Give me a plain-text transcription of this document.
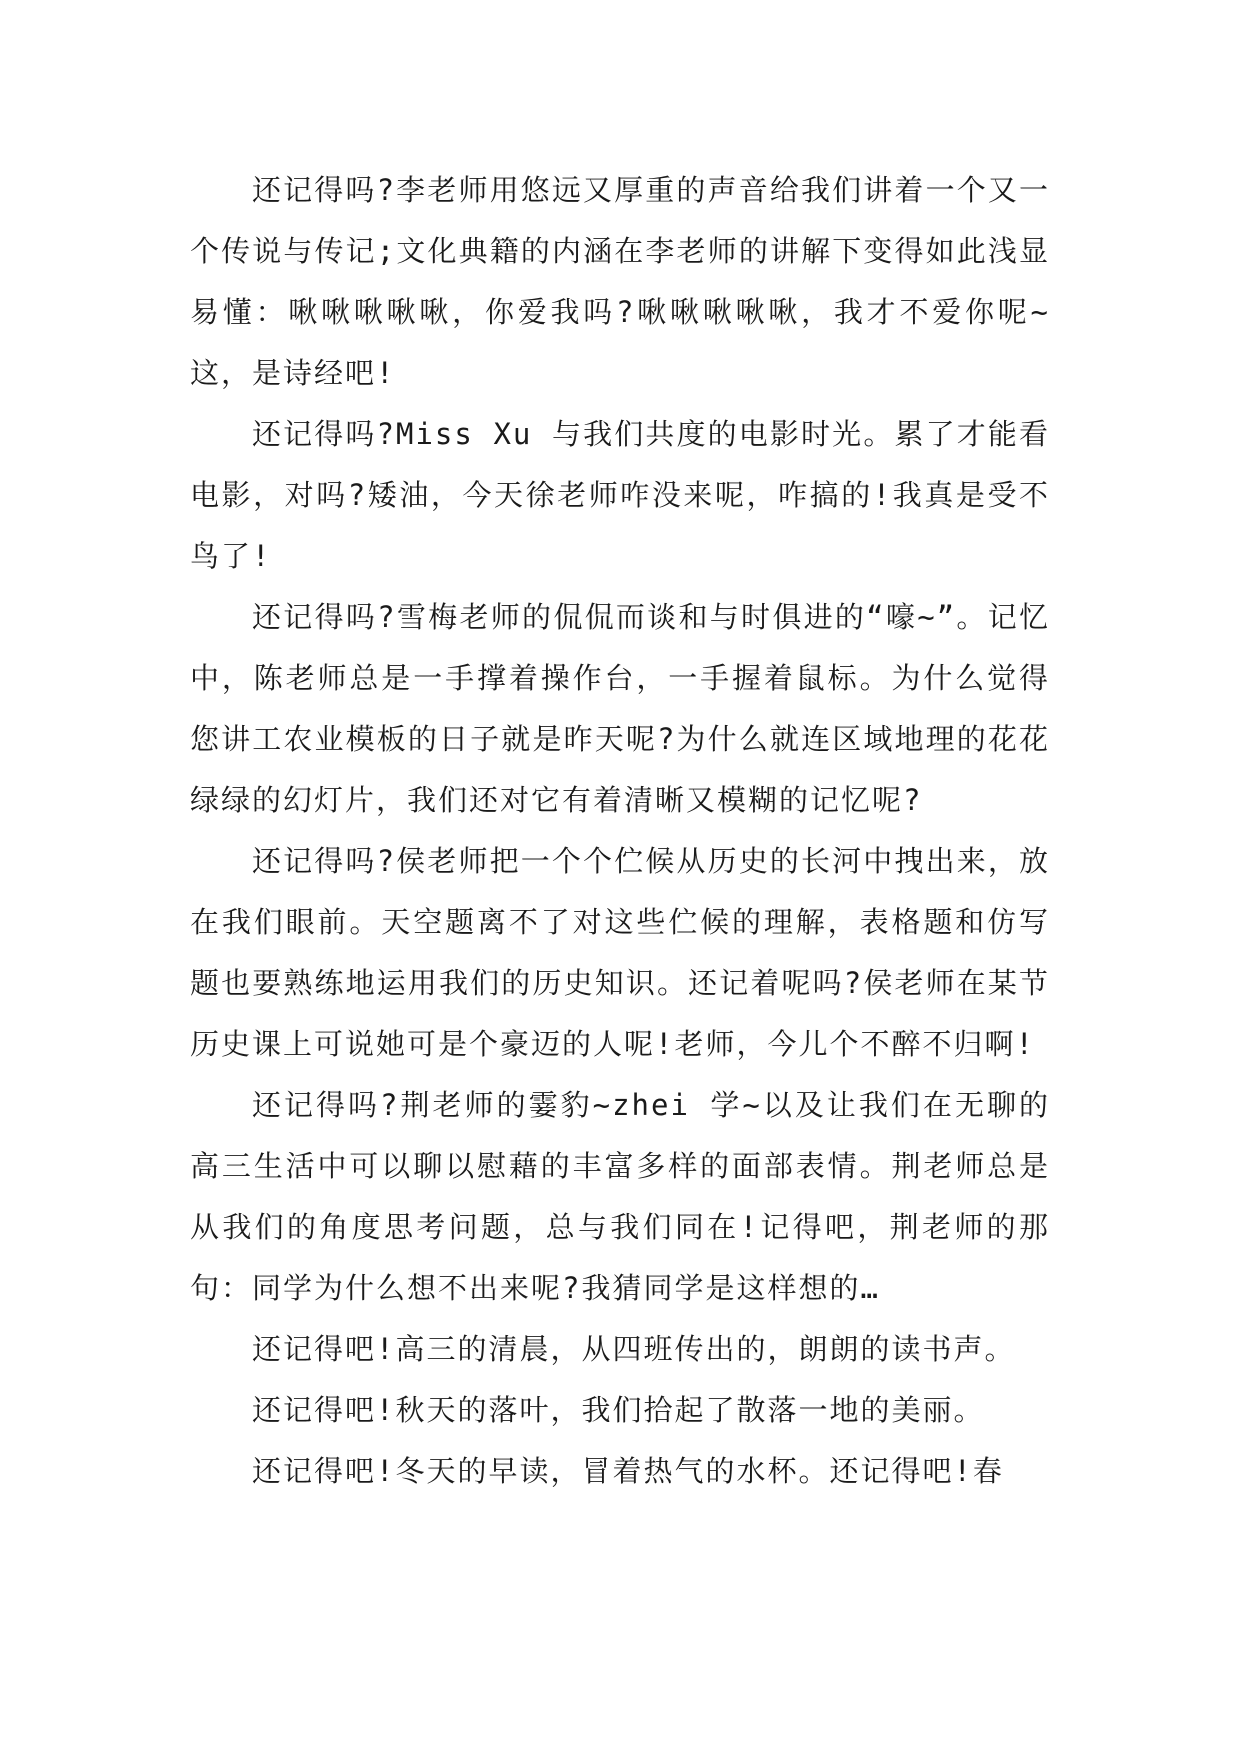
还记得吗?李老师用悠远又厚重的声音给我们讲着一个又一个传说与传记;文化典籍的内涵在李老师的讲解下变得如此浅显易懂：啾啾啾啾啾，你爱我吗?啾啾啾啾啾，我才不爱你呢~这，是诗经吧!

还记得吗?Miss Xu 与我们共度的电影时光。累了才能看电影，对吗?矮油，今天徐老师咋没来呢，咋搞的!我真是受不鸟了!

还记得吗?雪梅老师的侃侃而谈和与时俱进的“嚎~”。记忆中，陈老师总是一手撑着操作台，一手握着鼠标。为什么觉得您讲工农业模板的日子就是昨天呢?为什么就连区域地理的花花绿绿的幻灯片，我们还对它有着清晰又模糊的记忆呢?

还记得吗?侯老师把一个个伫候从历史的长河中拽出来，放在我们眼前。天空题离不了对这些伫候的理解，表格题和仿写题也要熟练地运用我们的历史知识。还记着呢吗?侯老师在某节历史课上可说她可是个豪迈的人呢!老师，今儿个不醉不归啊!

还记得吗?荆老师的霎豹~zhei 学~以及让我们在无聊的高三生活中可以聊以慰藉的丰富多样的面部表情。荆老师总是从我们的角度思考问题，总与我们同在!记得吧，荆老师的那句：同学为什么想不出来呢?我猜同学是这样想的…

还记得吧!高三的清晨，从四班传出的，朗朗的读书声。

还记得吧!秋天的落叶，我们拾起了散落一地的美丽。

还记得吧!冬天的早读，冒着热气的水杯。还记得吧!春
